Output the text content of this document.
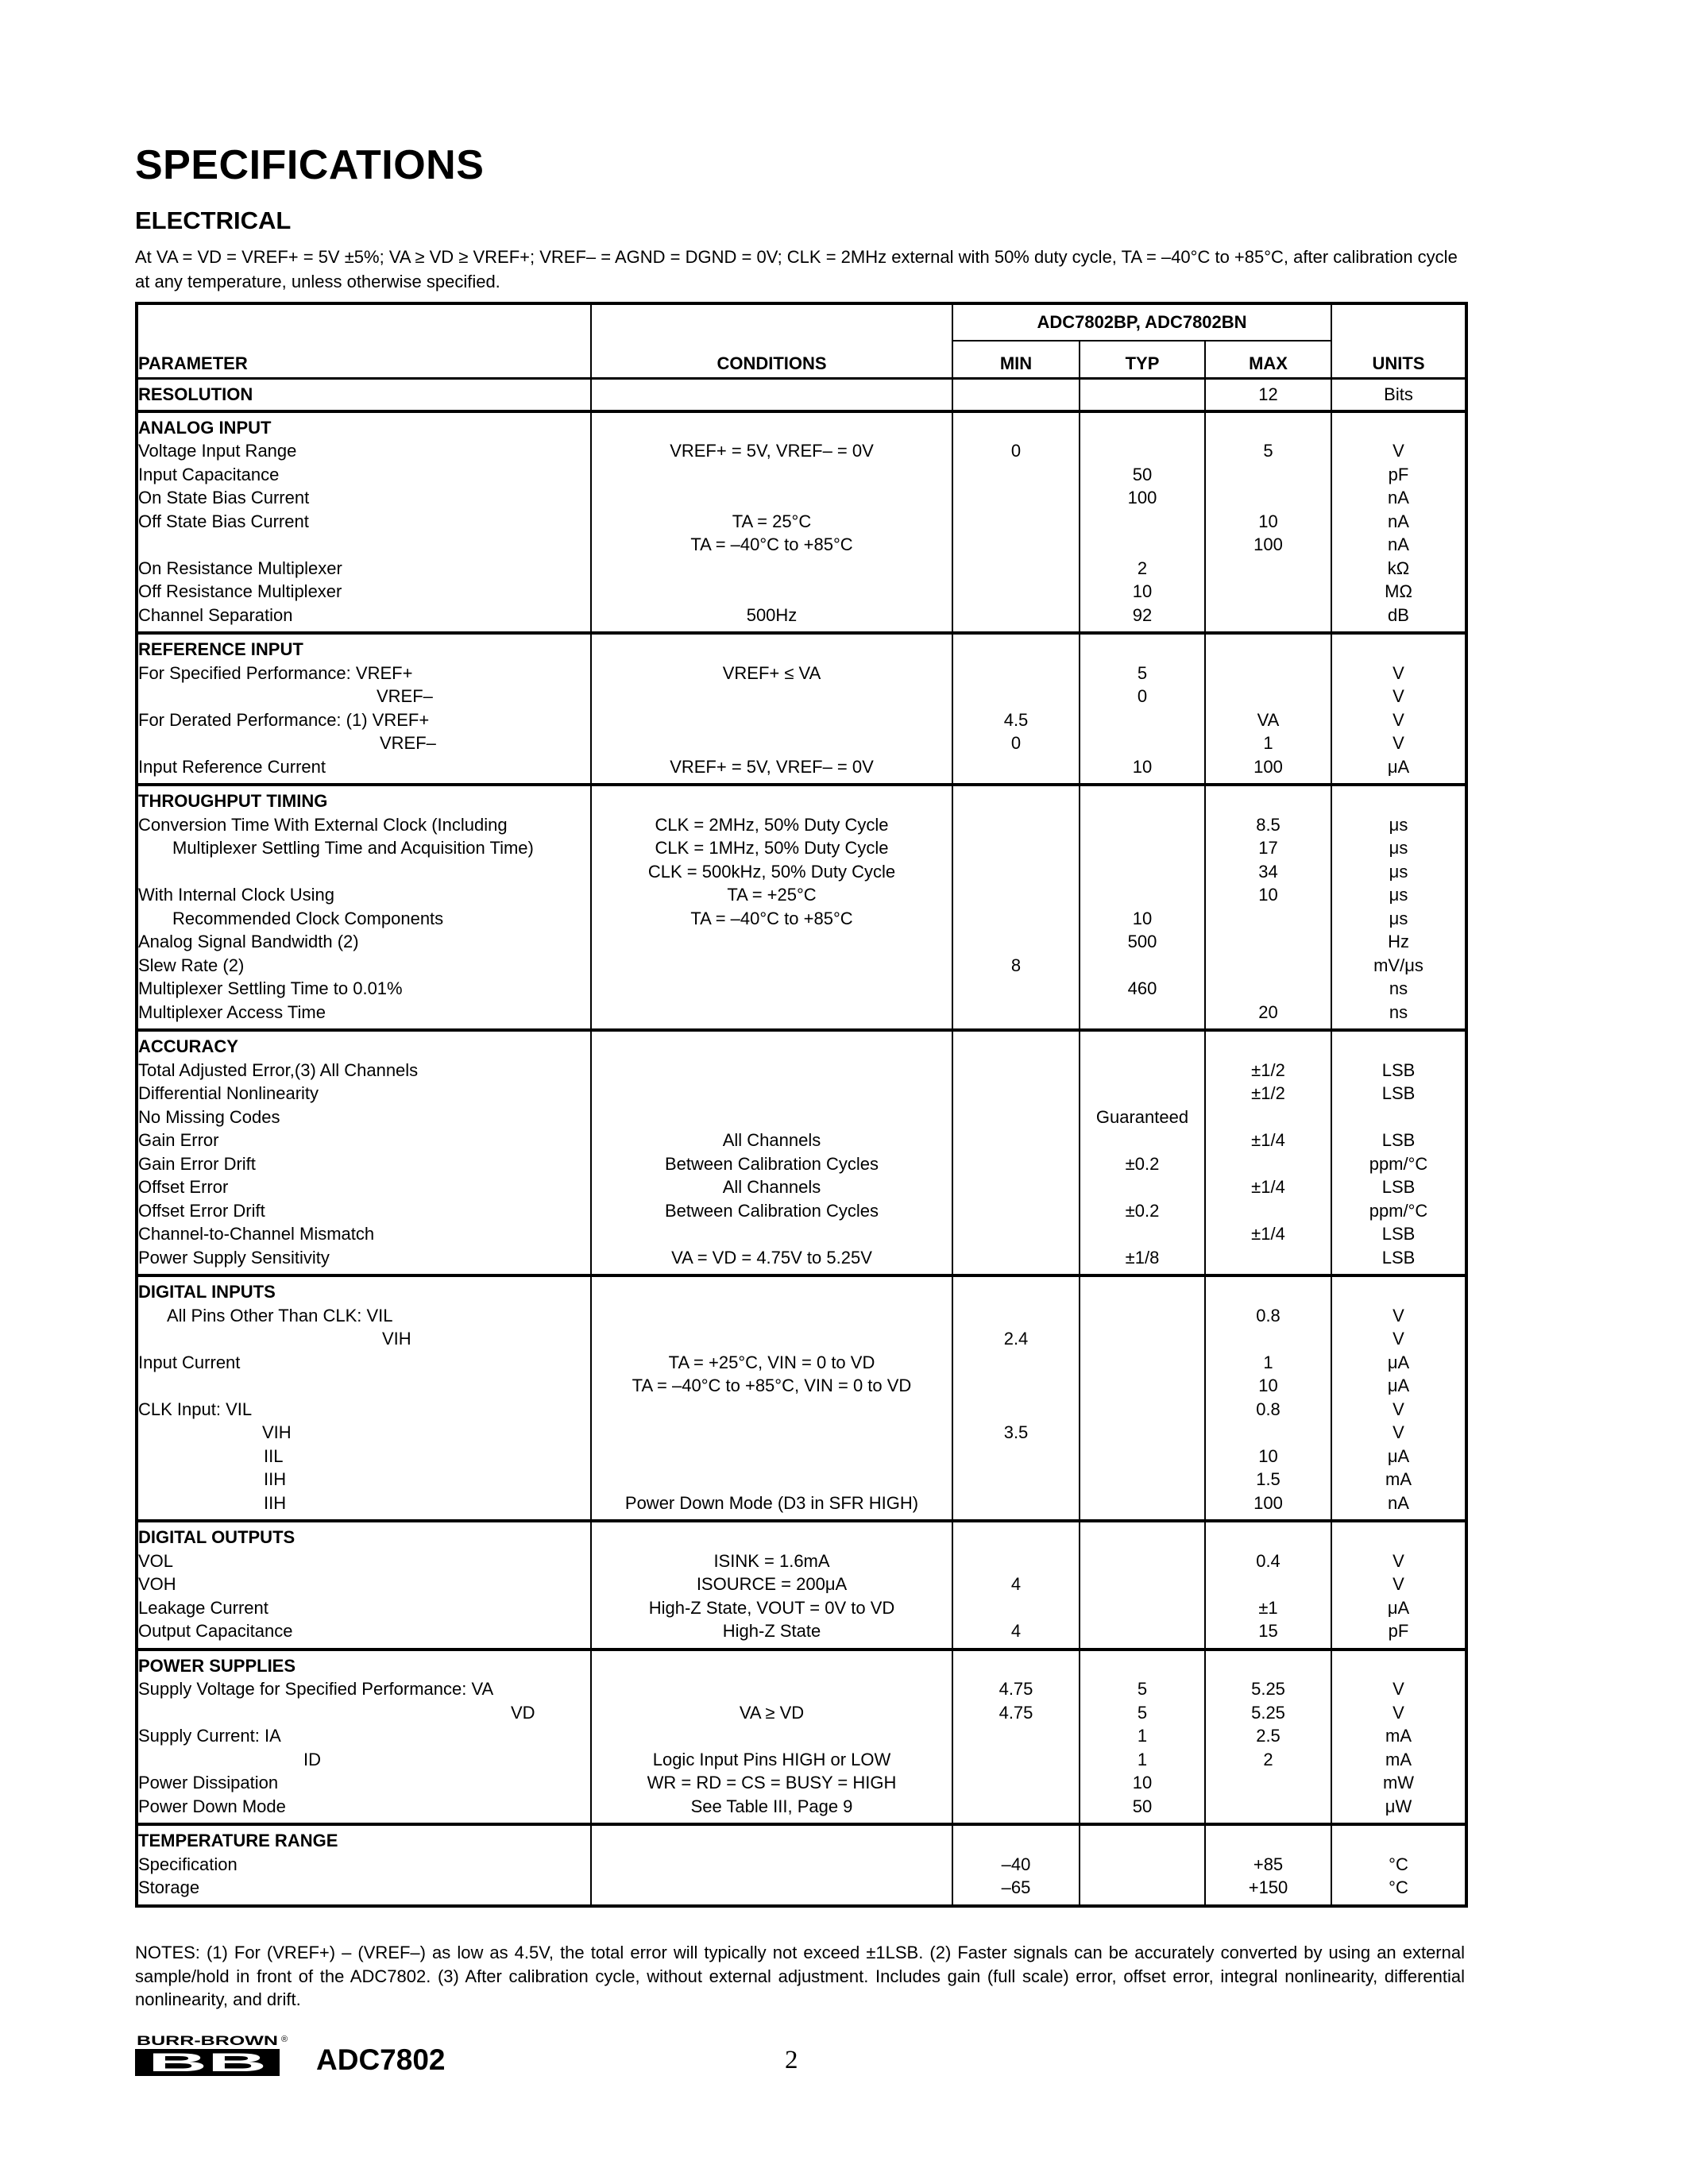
SPECIFICATIONS
ELECTRICAL
At VA = VD = VREF+ = 5V ±5%; VA ≥ VD ≥ VREF+; VREF– = AGND = DGND = 0V; CLK = 2MHz external with 50% duty cycle, TA = –40°C to +85°C, after calibration cycle at any temperature, unless otherwise specified.
		ADC7802BP, ADC7802BN			
PARAMETER	CONDITIONS	MIN	TYP	MAX	UNITS
RESOLUTION				12	Bits
ANALOG INPUT					
Voltage Input Range	VREF+ = 5V, VREF– = 0V	0		5	V
Input Capacitance			50		pF
On State Bias Current			100		nA
Off State Bias Current	TA = 25°C			10	nA
	TA = –40°C to +85°C			100	nA
On Resistance Multiplexer			2		kΩ
Off Resistance Multiplexer			10		MΩ
Channel Separation	500Hz		92		dB
REFERENCE INPUT					
For Specified Performance: VREF+	VREF+ ≤ VA		5		V
VREF–			0		V
For Derated Performance: (1) VREF+		4.5		VA	V
VREF–		0		1	V
Input Reference Current	VREF+ = 5V, VREF– = 0V		10	100	μA
THROUGHPUT TIMING					
Conversion Time With External Clock (Including	CLK = 2MHz, 50% Duty Cycle			8.5	μs
Multiplexer Settling Time and Acquisition Time)	CLK = 1MHz, 50% Duty Cycle			17	μs
	CLK = 500kHz, 50% Duty Cycle			34	μs
With Internal Clock Using	TA = +25°C			10	μs
Recommended Clock Components	TA = –40°C to +85°C		10		μs
Analog Signal Bandwidth (2)			500		Hz
Slew Rate (2)		8			mV/μs
Multiplexer Settling Time to 0.01%			460		ns
Multiplexer Access Time				20	ns
ACCURACY					
Total Adjusted Error,(3) All Channels				±1/2	LSB
Differential Nonlinearity				±1/2	LSB
No Missing Codes			Guaranteed		
Gain Error	All Channels			±1/4	LSB
Gain Error Drift	Between Calibration Cycles		±0.2		ppm/°C
Offset Error	All Channels			±1/4	LSB
Offset Error Drift	Between Calibration Cycles		±0.2		ppm/°C
Channel-to-Channel Mismatch				±1/4	LSB
Power Supply Sensitivity	VA = VD = 4.75V to 5.25V		±1/8		LSB
DIGITAL INPUTS					
All Pins Other Than CLK: VIL				0.8	V
VIH		2.4			V
Input Current	TA = +25°C, VIN = 0 to VD			1	μA
	TA = –40°C to +85°C, VIN = 0 to VD			10	μA
CLK Input: VIL				0.8	V
VIH		3.5			V
IIL				10	μA
IIH				1.5	mA
IIH	Power Down Mode (D3 in SFR HIGH)			100	nA
DIGITAL OUTPUTS					
VOL	ISINK = 1.6mA			0.4	V
VOH	ISOURCE = 200μA	4			V
Leakage Current	High-Z State, VOUT = 0V to VD			±1	μA
Output Capacitance	High-Z State	4		15	pF
POWER SUPPLIES					
Supply Voltage for Specified Performance: VA		4.75	5	5.25	V
VD	VA ≥ VD	4.75	5	5.25	V
Supply Current: IA			1	2.5	mA
ID	Logic Input Pins HIGH or LOW		1	2	mA
Power Dissipation	WR = RD = CS = BUSY = HIGH		10		mW
Power Down Mode	See Table III, Page 9		50		μW
TEMPERATURE RANGE					
Specification		–40		+85	°C
Storage		–65		+150	°C
NOTES: (1) For (VREF+) – (VREF–) as low as 4.5V, the total error will typically not exceed ±1LSB. (2) Faster signals can be accurately converted by using an external sample/hold in front of the ADC7802. (3) After calibration cycle, without external adjustment. Includes gain (full scale) error, offset error, integral nonlinearity, differential nonlinearity, and drift.
BURR-BROWN ®
BB ADC7802	2
